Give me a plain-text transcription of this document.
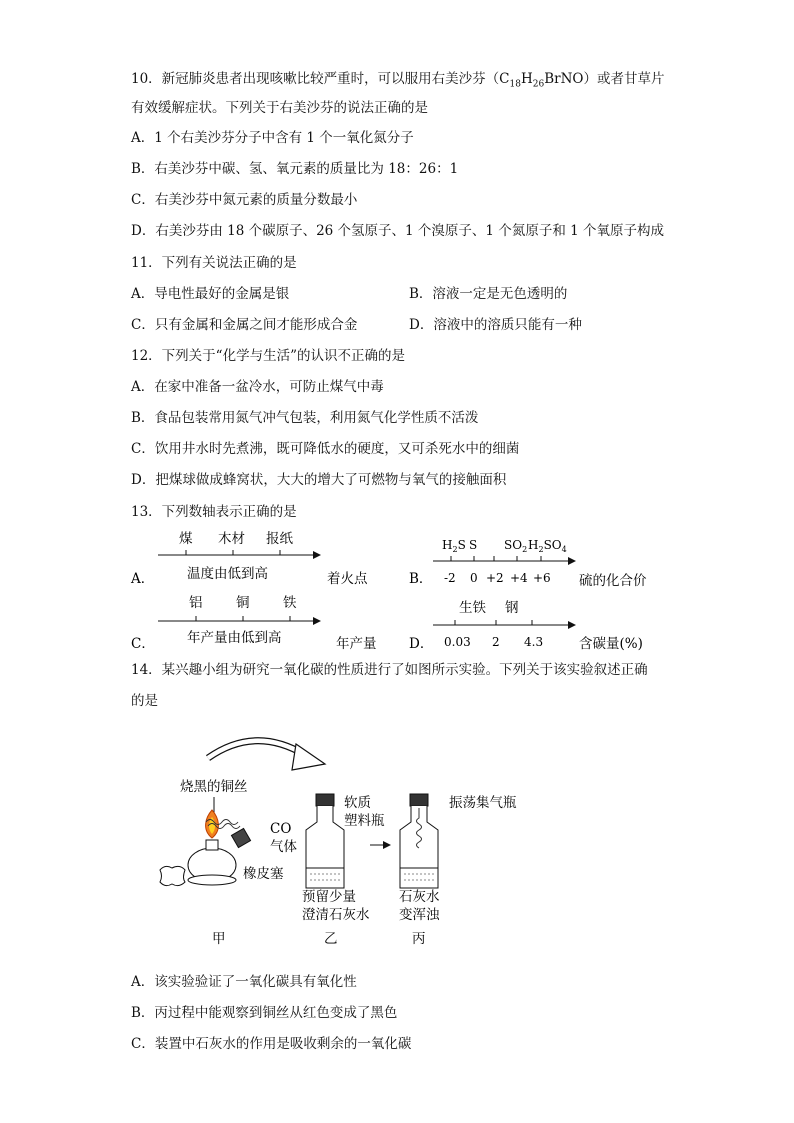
10．新冠肺炎患者出现咳嗽比较严重时，可以服用右美沙芬$(C_{18}H_{26}BrNO)$或者甘草片
有效缓解症状。下列关于右美沙芬的说法正确的是
A．1 个右美沙芬分子中含有 1 个一氧化氮分子
B．右美沙芬中碳、氢、氧元素的质量比为 18：26：1
C．右美沙芬中氮元素的质量分数最小
D．右美沙芬由 18 个碳原子、26 个氢原子、1 个溴原子、1 个氮原子和 1 个氧原子构成
11．下列有关说法正确的是
A．导电性最好的金属是银	B．溶液一定是无色透明的
C．只有金属和金属之间才能形成合金	D．溶液中的溶质只能有一种
12．下列关于“化学与生活”的认识不正确的是
A．在家中准备一盆冷水，可防止煤气中毒
B．食品包装常用氮气冲气包装，利用氮气化学性质不活泼
C．饮用井水时先煮沸，既可降低水的硬度，又可杀死水中的细菌
D．把煤球做成蜂窝状，大大的增大了可燃物与氧气的接触面积
13．下列数轴表示正确的是
A．
煤 木材 报纸
温度由低到高	着火点	B．
$H_2S$ S $SO_2$ $H_2SO_4$
-2 0 +2 +4 +6 硫的化合价
C．
铝 铜 铁
年产量由低到高	年产量 D．
生铁 钢
0.03 2 4.3	含碳量(%)
14．某兴趣小组为研究一氧化碳的性质进行了如图所示实验。下列关于该实验叙述正确
的是
烧黑的铜丝
橡皮塞
甲
CO
气体
软质
塑料瓶
预留少量
澄清石灰水
乙
振荡集气瓶
石灰水
变浑浊
丙
A．该实验验证了一氧化碳具有氧化性
B．丙过程中能观察到铜丝从红色变成了黑色
C．装置中石灰水的作用是吸收剩余的一氧化碳
